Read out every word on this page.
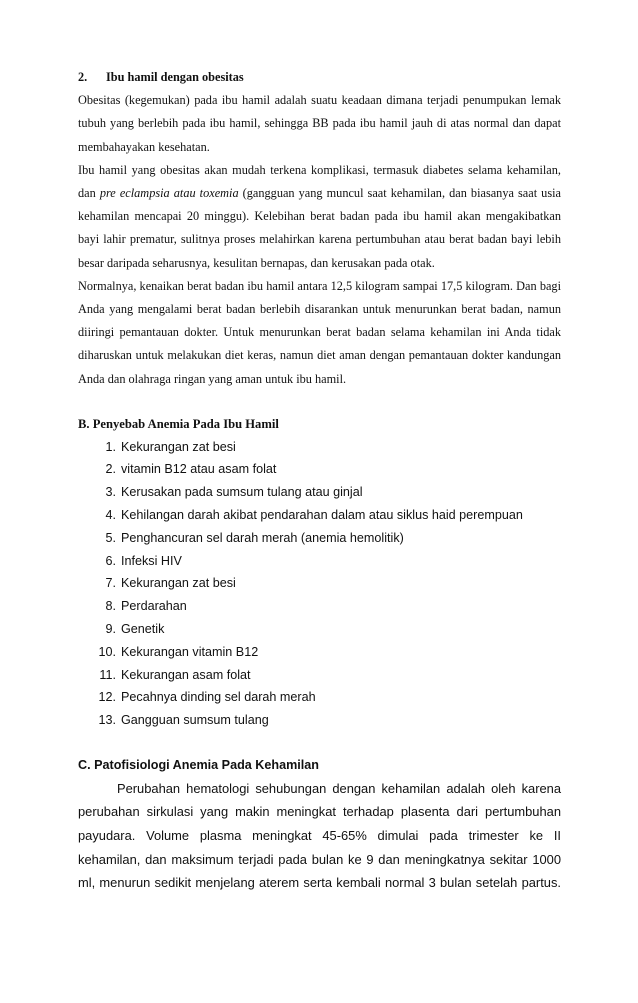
2. Ibu hamil dengan obesitas

Obesitas (kegemukan) pada ibu hamil adalah suatu keadaan dimana terjadi penumpukan lemak tubuh yang berlebih pada ibu hamil, sehingga BB pada ibu hamil jauh di atas normal dan dapat membahayakan kesehatan.

Ibu hamil yang obesitas akan mudah terkena komplikasi, termasuk diabetes selama kehamilan, dan pre eclampsia atau toxemia (gangguan yang muncul saat kehamilan, dan biasanya saat usia kehamilan mencapai 20 minggu). Kelebihan berat badan pada ibu hamil akan mengakibatkan bayi lahir prematur, sulitnya proses melahirkan karena pertumbuhan atau berat badan bayi lebih besar daripada seharusnya, kesulitan bernapas, dan kerusakan pada otak.

Normalnya, kenaikan berat badan ibu hamil antara 12,5 kilogram sampai 17,5 kilogram. Dan bagi Anda yang mengalami berat badan berlebih disarankan untuk menurunkan berat badan, namun diiringi pemantauan dokter. Untuk menurunkan berat badan selama kehamilan ini Anda tidak diharuskan untuk melakukan diet keras, namun diet aman dengan pemantauan dokter kandungan Anda dan olahraga ringan yang aman untuk ibu hamil.

B. Penyebab Anemia Pada Ibu Hamil

1. Kekurangan zat besi
2. vitamin B12 atau asam folat
3. Kerusakan pada sumsum tulang atau ginjal
4. Kehilangan darah akibat pendarahan dalam atau siklus haid perempuan
5. Penghancuran sel darah merah (anemia hemolitik)
6. Infeksi HIV
7. Kekurangan zat besi
8. Perdarahan
9. Genetik
10. Kekurangan vitamin B12
11. Kekurangan asam folat
12. Pecahnya dinding sel darah merah
13. Gangguan sumsum tulang

C. Patofisiologi Anemia Pada Kehamilan

Perubahan hematologi sehubungan dengan kehamilan adalah oleh karena perubahan sirkulasi yang makin meningkat terhadap plasenta dari pertumbuhan payudara. Volume plasma meningkat 45-65% dimulai pada trimester ke II kehamilan, dan maksimum terjadi pada bulan ke 9 dan meningkatnya sekitar 1000 ml, menurun sedikit menjelang aterem serta kembali normal 3 bulan setelah partus.
